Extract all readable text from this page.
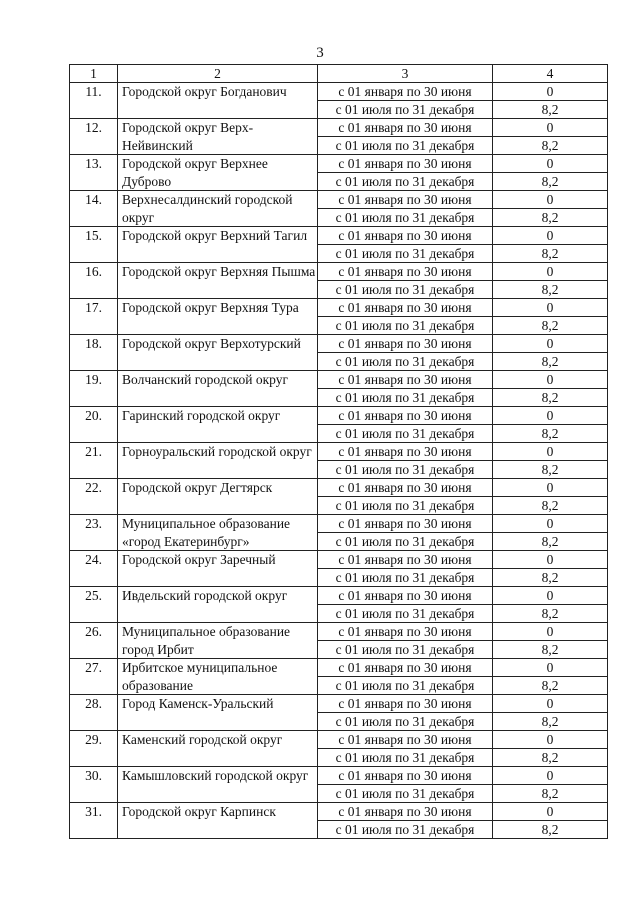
3
1	2	3	4
11.	Городской округ Богданович	с 01 января по 30 июня	0
		с 01 июля по 31 декабря	8,2
12.	Городской округ Верх-Нейвинский	с 01 января по 30 июня	0
		с 01 июля по 31 декабря	8,2
13.	Городской округ Верхнее Дуброво	с 01 января по 30 июня	0
		с 01 июля по 31 декабря	8,2
14.	Верхнесалдинский городской округ	с 01 января по 30 июня	0
		с 01 июля по 31 декабря	8,2
15.	Городской округ Верхний Тагил	с 01 января по 30 июня	0
		с 01 июля по 31 декабря	8,2
16.	Городской округ Верхняя Пышма	с 01 января по 30 июня	0
		с 01 июля по 31 декабря	8,2
17.	Городской округ Верхняя Тура	с 01 января по 30 июня	0
		с 01 июля по 31 декабря	8,2
18.	Городской округ Верхотурский	с 01 января по 30 июня	0
		с 01 июля по 31 декабря	8,2
19.	Волчанский городской округ	с 01 января по 30 июня	0
		с 01 июля по 31 декабря	8,2
20.	Гаринский городской округ	с 01 января по 30 июня	0
		с 01 июля по 31 декабря	8,2
21.	Горноуральский городской округ	с 01 января по 30 июня	0
		с 01 июля по 31 декабря	8,2
22.	Городской округ Дегтярск	с 01 января по 30 июня	0
		с 01 июля по 31 декабря	8,2
23.	Муниципальное образование «город Екатеринбург»	с 01 января по 30 июня	0
		с 01 июля по 31 декабря	8,2
24.	Городской округ Заречный	с 01 января по 30 июня	0
		с 01 июля по 31 декабря	8,2
25.	Ивдельский городской округ	с 01 января по 30 июня	0
		с 01 июля по 31 декабря	8,2
26.	Муниципальное образование город Ирбит	с 01 января по 30 июня	0
		с 01 июля по 31 декабря	8,2
27.	Ирбитское муниципальное образование	с 01 января по 30 июня	0
		с 01 июля по 31 декабря	8,2
28.	Город Каменск-Уральский	с 01 января по 30 июня	0
		с 01 июля по 31 декабря	8,2
29.	Каменский городской округ	с 01 января по 30 июня	0
		с 01 июля по 31 декабря	8,2
30.	Камышловский городской округ	с 01 января по 30 июня	0
		с 01 июля по 31 декабря	8,2
31.	Городской округ Карпинск	с 01 января по 30 июня	0
		с 01 июля по 31 декабря	8,2
